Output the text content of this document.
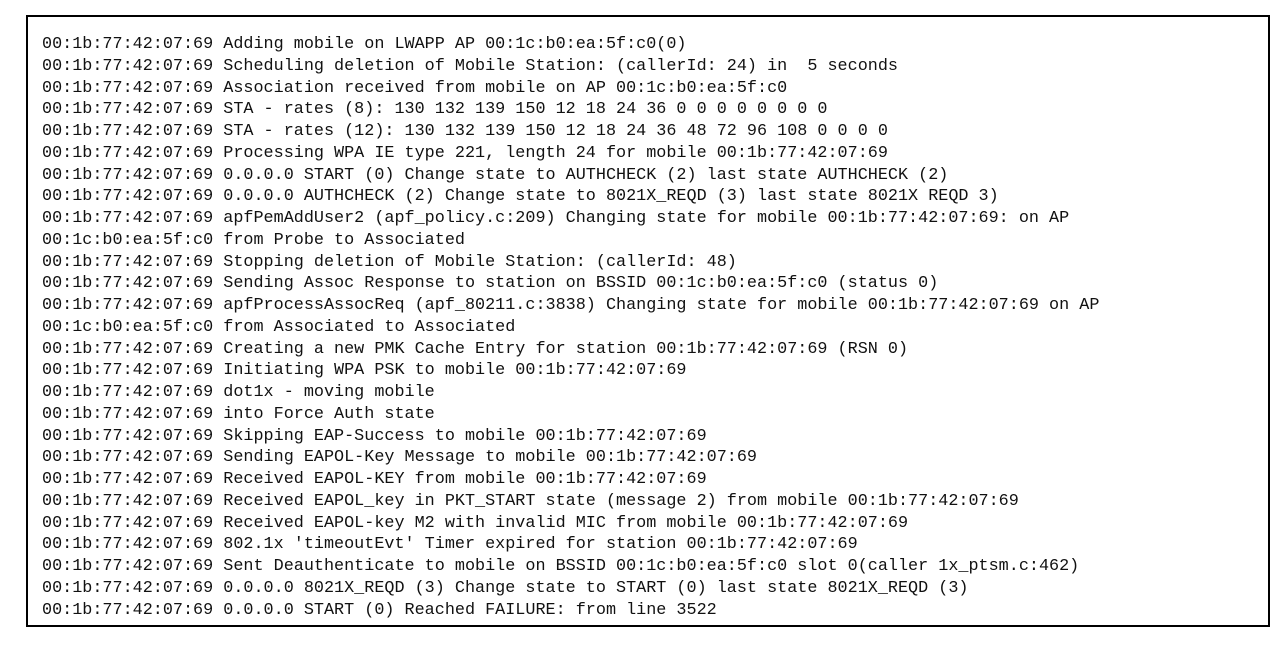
00:1b:77:42:07:69 Adding mobile on LWAPP AP 00:1c:b0:ea:5f:c0(0)
00:1b:77:42:07:69 Scheduling deletion of Mobile Station: (callerId: 24) in  5 seconds
00:1b:77:42:07:69 Association received from mobile on AP 00:1c:b0:ea:5f:c0
00:1b:77:42:07:69 STA - rates (8): 130 132 139 150 12 18 24 36 0 0 0 0 0 0 0 0
00:1b:77:42:07:69 STA - rates (12): 130 132 139 150 12 18 24 36 48 72 96 108 0 0 0 0
00:1b:77:42:07:69 Processing WPA IE type 221, length 24 for mobile 00:1b:77:42:07:69
00:1b:77:42:07:69 0.0.0.0 START (0) Change state to AUTHCHECK (2) last state AUTHCHECK (2)
00:1b:77:42:07:69 0.0.0.0 AUTHCHECK (2) Change state to 8021X_REQD (3) last state 8021X REQD 3)
00:1b:77:42:07:69 apfPemAddUser2 (apf_policy.c:209) Changing state for mobile 00:1b:77:42:07:69: on AP
00:1c:b0:ea:5f:c0 from Probe to Associated
00:1b:77:42:07:69 Stopping deletion of Mobile Station: (callerId: 48)
00:1b:77:42:07:69 Sending Assoc Response to station on BSSID 00:1c:b0:ea:5f:c0 (status 0)
00:1b:77:42:07:69 apfProcessAssocReq (apf_80211.c:3838) Changing state for mobile 00:1b:77:42:07:69 on AP
00:1c:b0:ea:5f:c0 from Associated to Associated
00:1b:77:42:07:69 Creating a new PMK Cache Entry for station 00:1b:77:42:07:69 (RSN 0)
00:1b:77:42:07:69 Initiating WPA PSK to mobile 00:1b:77:42:07:69
00:1b:77:42:07:69 dot1x - moving mobile
00:1b:77:42:07:69 into Force Auth state
00:1b:77:42:07:69 Skipping EAP-Success to mobile 00:1b:77:42:07:69
00:1b:77:42:07:69 Sending EAPOL-Key Message to mobile 00:1b:77:42:07:69
00:1b:77:42:07:69 Received EAPOL-KEY from mobile 00:1b:77:42:07:69
00:1b:77:42:07:69 Received EAPOL_key in PKT_START state (message 2) from mobile 00:1b:77:42:07:69
00:1b:77:42:07:69 Received EAPOL-key M2 with invalid MIC from mobile 00:1b:77:42:07:69
00:1b:77:42:07:69 802.1x 'timeoutEvt' Timer expired for station 00:1b:77:42:07:69
00:1b:77:42:07:69 Sent Deauthenticate to mobile on BSSID 00:1c:b0:ea:5f:c0 slot 0(caller 1x_ptsm.c:462)
00:1b:77:42:07:69 0.0.0.0 8021X_REQD (3) Change state to START (0) last state 8021X_REQD (3)
00:1b:77:42:07:69 0.0.0.0 START (0) Reached FAILURE: from line 3522
